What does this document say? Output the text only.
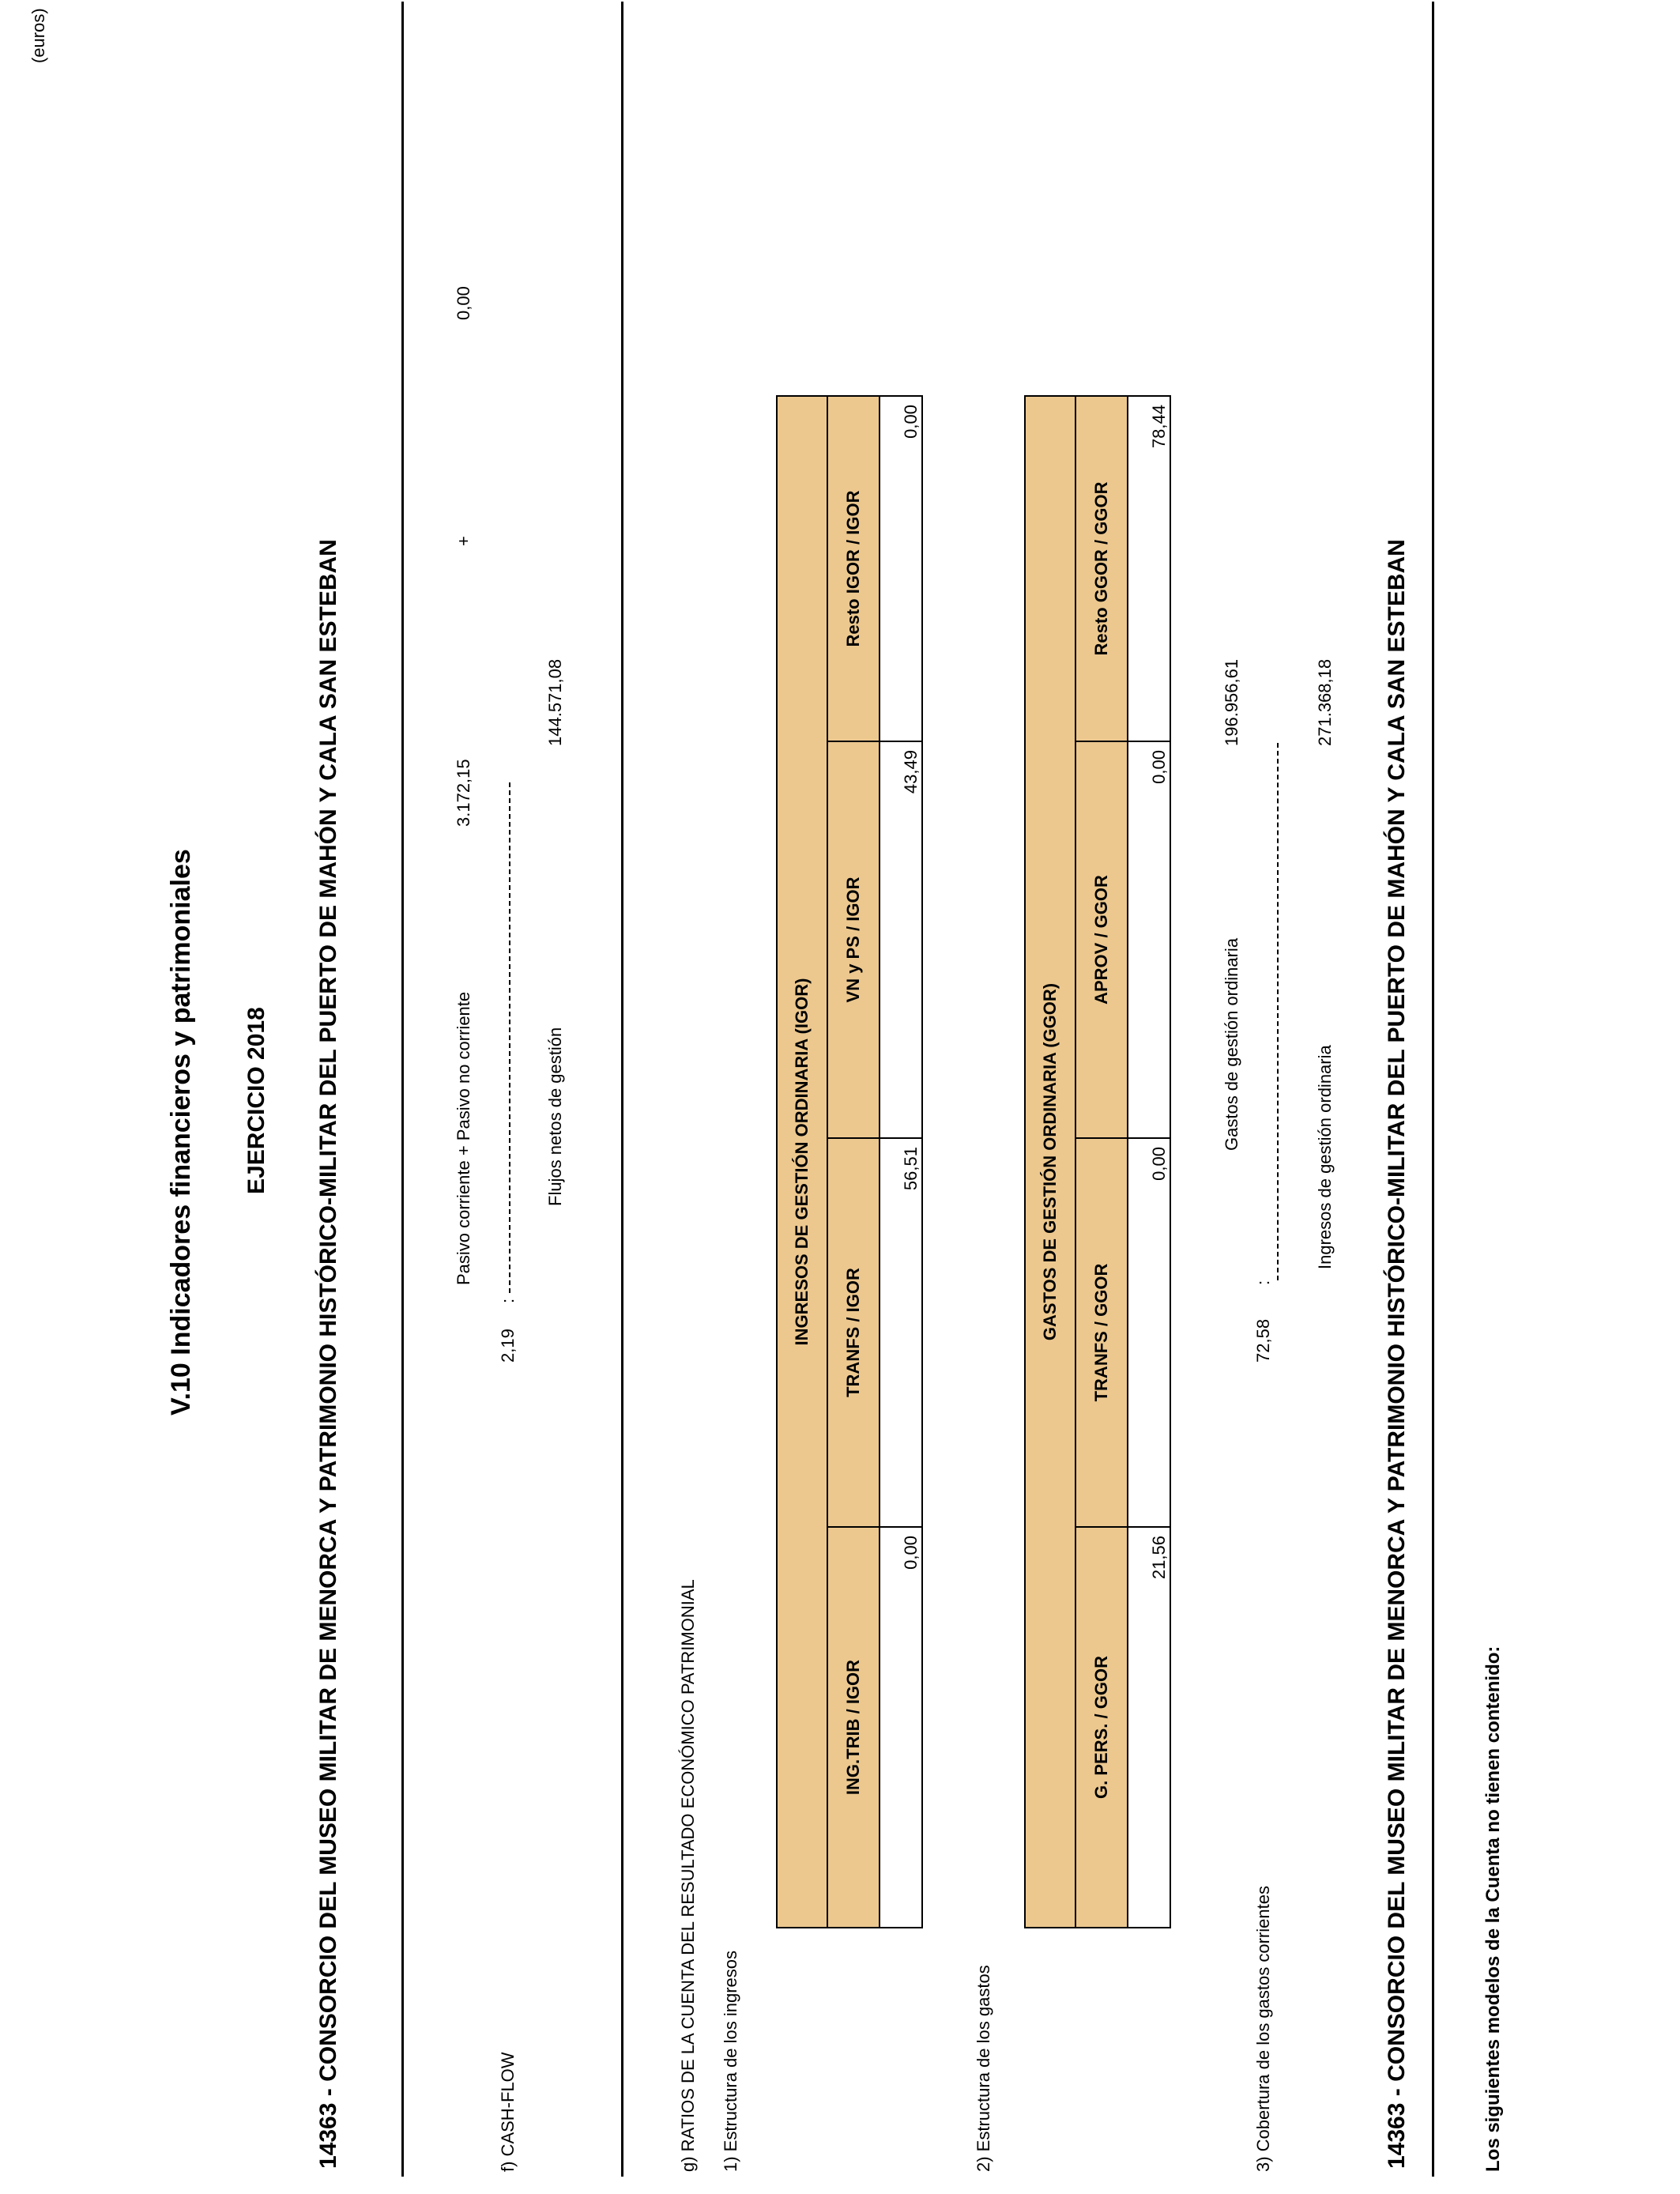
(euros)
V.10 Indicadores financieros y patrimoniales EJERCICIO 2018 14363 - CONSORCIO DEL MUSEO MILITAR DE MENORCA Y PATRIMONIO HISTÓRICO-MILITAR DEL PUERTO DE MAHÓN Y CALA SAN ESTEBAN	f) CASH-FLOW
2,19
:
Pasivo corriente + Pasivo no corriente
3.172,15
+
0,00
Flujos netos de gestión
144.571,08
g) RATIOS DE LA CUENTA DEL RESULTADO ECONÓMICO PATRIMONIAL 1) Estructura de los ingresos
INGRESOS DE GESTIÓN ORDINARIA (IGOR)			
ING.TRIB / IGOR	TRANFS / IGOR	VN y PS / IGOR	Resto IGOR / IGOR
0,00	56,51	43,49	0,00
2) Estructura de los gastos
GASTOS DE GESTIÓN ORDINARIA (GGOR)			
G. PERS. / GGOR	TRANFS / GGOR	APROV / GGOR	Resto GGOR / GGOR
21,56	0,00	0,00	78,44
3) Cobertura de los gastos corrientes
72,58
:
Gastos de gestión ordinaria
196.956,61
Ingresos de gestión ordinaria
271.368,18 14363 - CONSORCIO DEL MUSEO MILITAR DE MENORCA Y PATRIMONIO HISTÓRICO-MILITAR DEL PUERTO DE MAHÓN Y CALA SAN ESTEBAN	Los siguientes modelos de la Cuenta no tienen contenido:
